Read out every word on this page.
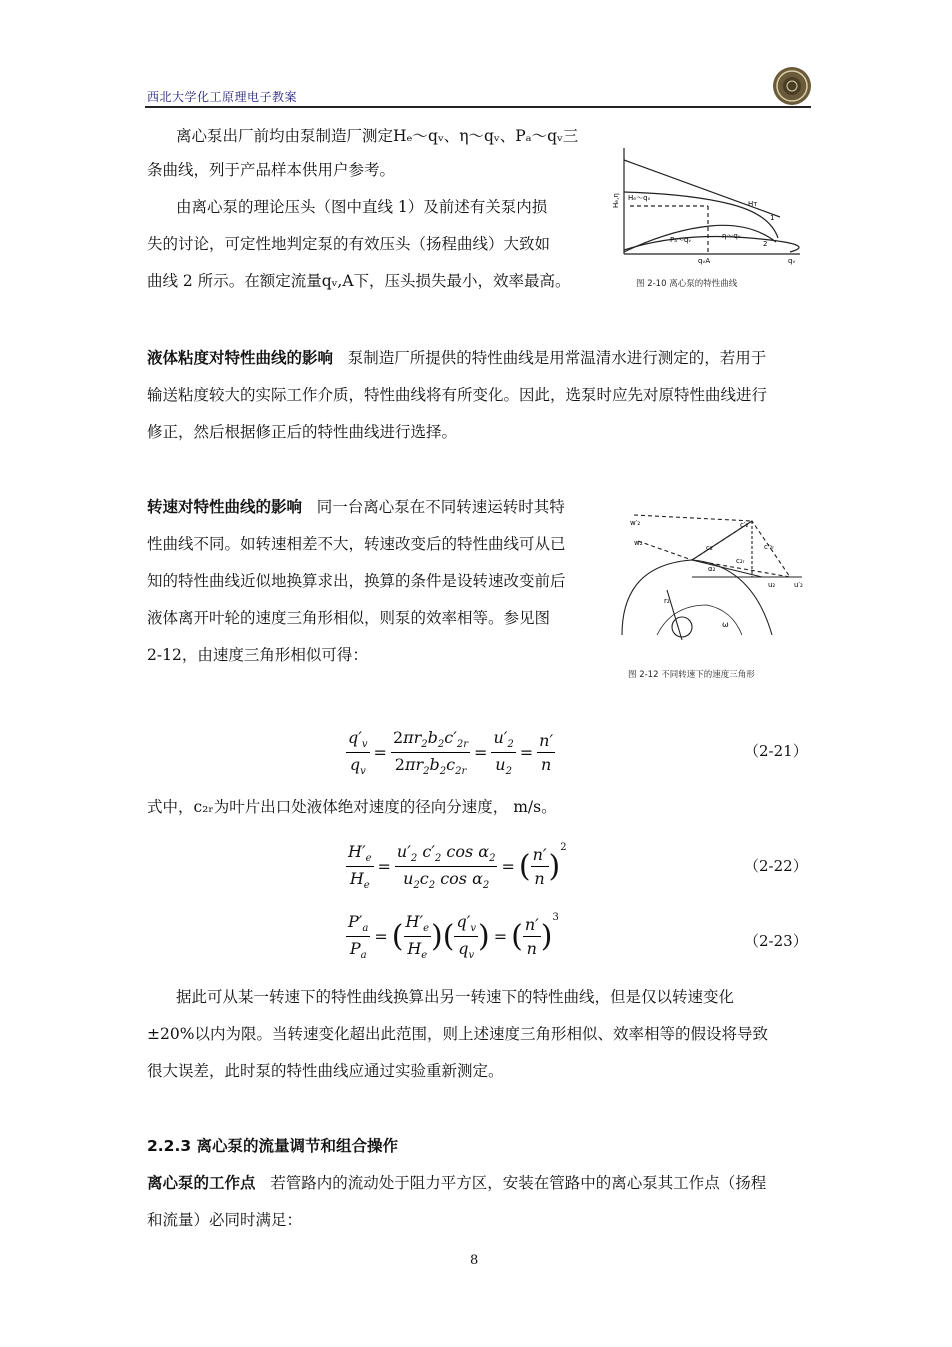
西北大学化工原理电子教案
离心泵出厂前均由泵制造厂测定Hₑ～qᵥ、η～qᵥ、Pₐ～qᵥ三
条曲线，列于产品样本供用户参考。
由离心泵的理论压头（图中直线 1）及前述有关泵内损
失的讨论，可定性地判定泵的有效压头（扬程曲线）大致如
曲线 2 所示。在额定流量qᵥ,A下，压头损失最小，效率最高。
Hₑ～qᵥ
Hᴛ
1
2
Pₐ～qᵥ	η～qᵥ
qᵥA	qᵥ
Hₑ,η
图 2-10 离心泵的特性曲线
液体粘度对特性曲线的影响 泵制造厂所提供的特性曲线是用常温清水进行测定的，若用于
输送粘度较大的实际工作介质，特性曲线将有所变化。因此，选泵时应先对原特性曲线进行
修正，然后根据修正后的特性曲线进行选择。
转速对特性曲线的影响 同一台离心泵在不同转速运转时其特
性曲线不同。如转速相差不大，转速改变后的特性曲线可从已
知的特性曲线近似地换算求出，换算的条件是设转速改变前后
液体离开叶轮的速度三角形相似，则泵的效率相等。参见图
2-12，由速度三角形相似可得：
w′₂
w₂
c₂
c₂ᵣ
c′₂
c′₂ᵣ
α₂
u₂	u′₂
r₂
ω
图 2-12 不同转速下的速度三角形
$\frac{q'_v}{q_v} = \frac{2\pi r_2b_2c'_{2r}}{2\pi r_2b_2c_{2r}} = \frac{u'_2}{u_2} = \frac{n'}{n}$	（2-21）
式中，c₂ᵣ为叶片出口处液体绝对速度的径向分速度， m/s。
$\frac{H'_e}{H_e} = \frac{u'_2 c'_2 \cos \alpha_2}{u_2c_2 \cos \alpha_2}$ = ( $\frac{n'}{n}$ )
$^2$
（2-22）
$\frac{P'_a}{P_a}$ = ( $\frac{H'_e}{H_e}$ ) ( $\frac{q'_v}{q_v}$ ) = ( $\frac{n'}{n}$ )
$^3$
（2-23）
据此可从某一转速下的特性曲线换算出另一转速下的特性曲线，但是仅以转速变化
±20%以内为限。当转速变化超出此范围，则上述速度三角形相似、效率相等的假设将导致
很大误差，此时泵的特性曲线应通过实验重新测定。
2.2.3 离心泵的流量调节和组合操作
离心泵的工作点 若管路内的流动处于阻力平方区，安装在管路中的离心泵其工作点（扬程
和流量）必同时满足：
8
